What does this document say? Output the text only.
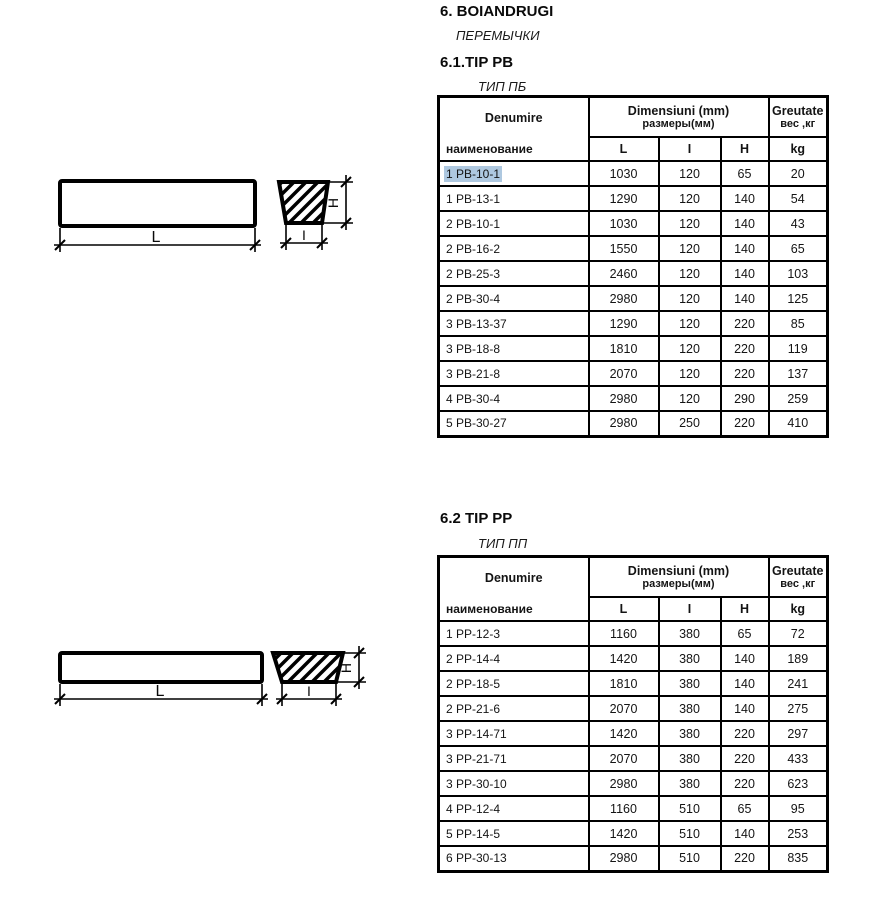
6. BOIANDRUGI
ПЕРЕМЫЧКИ
6.1.TIP PB
ТИП ПБ
L
H
I
Denumire
наименование

Dimensiuni (mm)
размеры(мм)

Greutate
вес ,кг

	L	I	H	kg
1 PB-10-1	1030	120	65	20
1 PB-13-1	1290	120	140	54
2 PB-10-1	1030	120	140	43
2 PB-16-2	1550	120	140	65
2 PB-25-3	2460	120	140	103
2 PB-30-4	2980	120	140	125
3 PB-13-37	1290	120	220	85
3 PB-18-8	1810	120	220	119
3 PB-21-8	2070	120	220	137
4 PB-30-4	2980	120	290	259
5 PB-30-27	2980	250	220	410
6.2 TIP PP
ТИП ПП
L
H
I
Denumire
наименование

Dimensiuni (mm)
размеры(мм)

Greutate
вес ,кг

	L	I	H	kg
1 PP-12-3	1160	380	65	72
2 PP-14-4	1420	380	140	189
2 PP-18-5	1810	380	140	241
2 PP-21-6	2070	380	140	275
3 PP-14-71	1420	380	220	297
3 PP-21-71	2070	380	220	433
3 PP-30-10	2980	380	220	623
4 PP-12-4	1160	510	65	95
5 PP-14-5	1420	510	140	253
6 PP-30-13	2980	510	220	835
